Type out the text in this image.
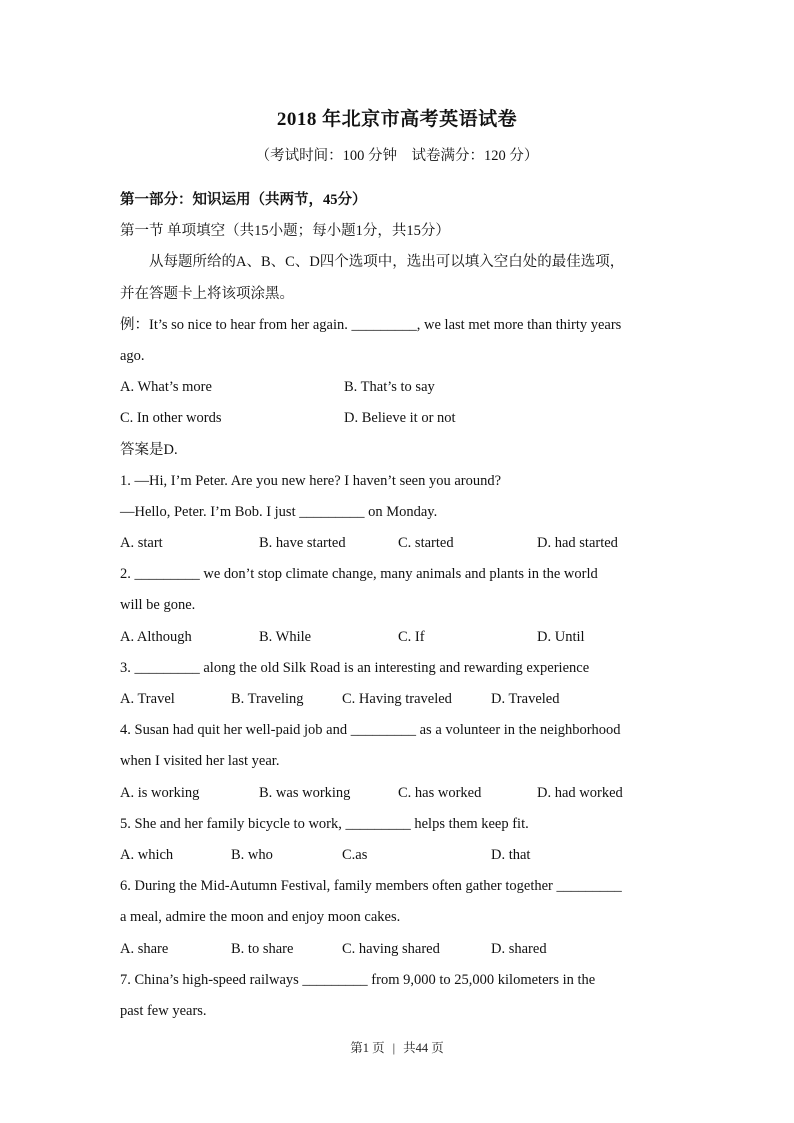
2018 年北京市高考英语试卷
（考试时间：100 分钟　试卷满分：120 分）
第一部分：知识运用（共两节，45分）
第一节 单项填空（共15小题；每小题1分，共15分）
从每题所给的A、B、C、D四个选项中，选出可以填入空白处的最佳选项，
并在答题卡上将该项涂黑。
例：It’s so nice to hear from her again. _________, we last met more than thirty years
ago.
A. What’s more	B. That’s to say
C. In other words	D. Believe it or not
答案是D.
1. —Hi, I’m Peter. Are you new here? I haven’t seen you around?
—Hello, Peter. I’m Bob. I just _________ on Monday.
A. start	B. have started	C. started	D. had started
2. _________ we don’t stop climate change, many animals and plants in the world
will be gone.
A. Although	B. While	C. If	D. Until
3. _________ along the old Silk Road is an interesting and rewarding experience
A. Travel	B. Traveling	C. Having traveled	D. Traveled
4. Susan had quit her well-paid job and _________ as a volunteer in the neighborhood
when I visited her last year.
A. is working	B. was working	C. has worked	D. had worked
5. She and her family bicycle to work, _________ helps them keep fit.
A. which	B. who	C.as	D. that
6. During the Mid-Autumn Festival, family members often gather together _________
a meal, admire the moon and enjoy moon cakes.
A. share	B. to share	C. having shared	D. shared
7. China’s high-speed railways _________ from 9,000 to 25,000 kilometers in the
past few years.
第1 页 | 共44 页
